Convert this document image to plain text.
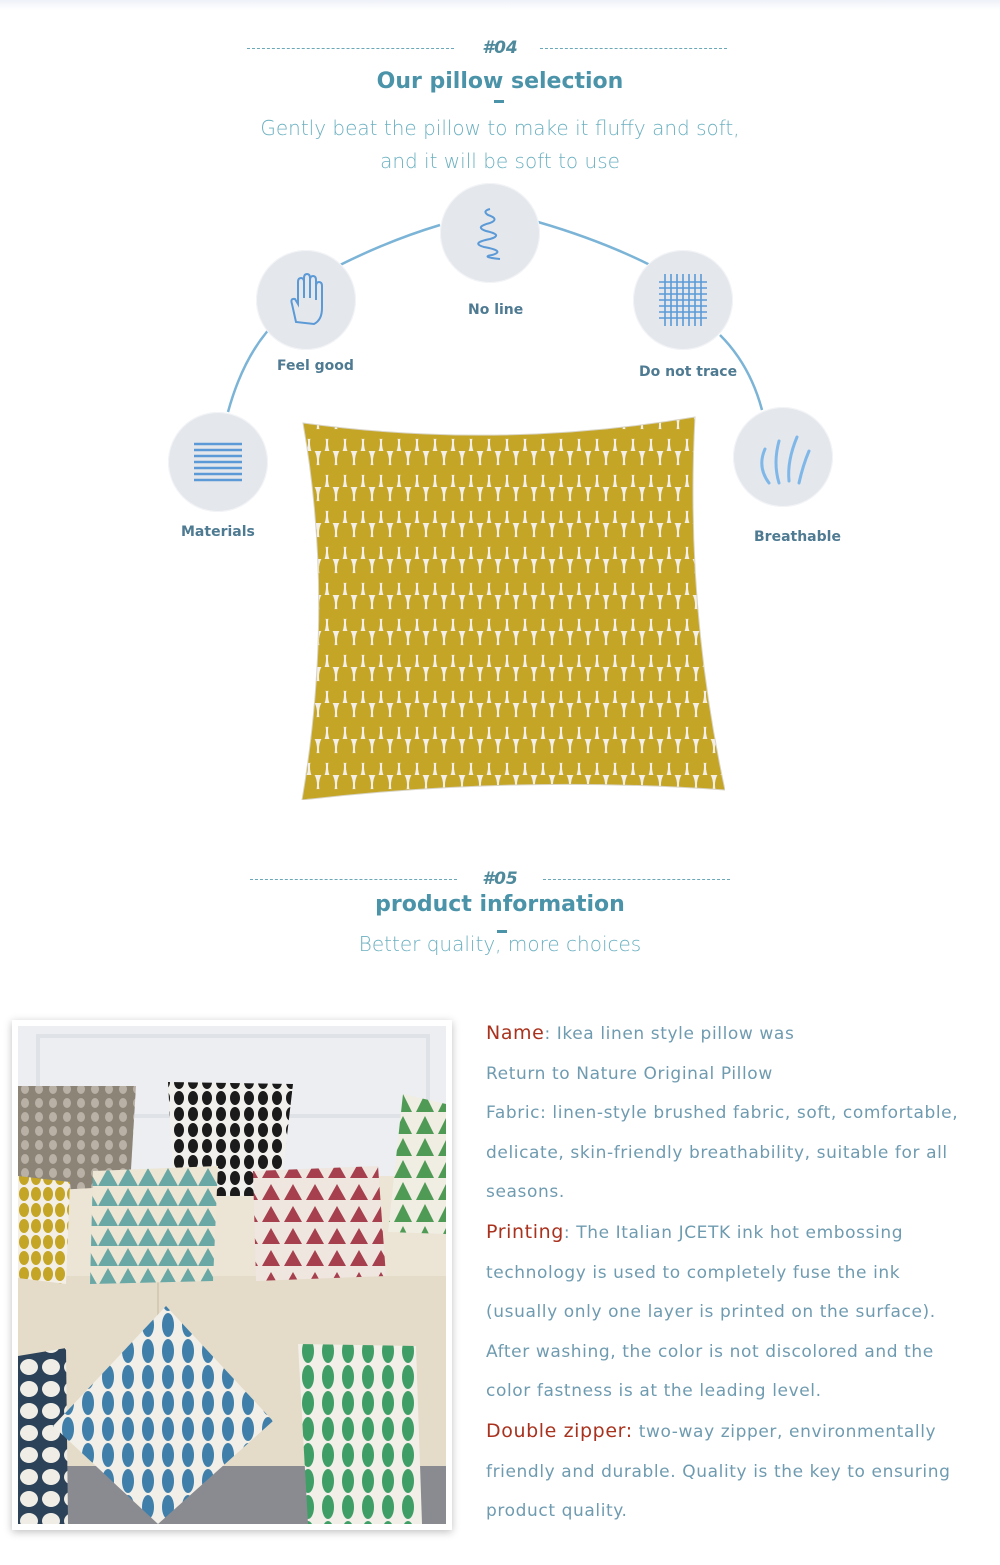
#04
Our pillow selection
Gently beat the pillow to make it fluffy and soft,
and it will be soft to use
Materials
Feel good
No line
Do not trace
Breathable
#05
product information
Better quality, more choices

Name: Ikea linen style pillow was

Return to Nature Original Pillow

Fabric: linen-style brushed fabric, soft, comfortable, delicate, skin-friendly breathability, suitable for all seasons.

Printing: The Italian JCETK ink hot embossing technology is used to completely fuse the ink (usually only one layer is printed on the surface). After washing, the color is not discolored and the color fastness is at the leading level.

Double zipper: two-way zipper, environmentally friendly and durable. Quality is the key to ensuring product quality.
